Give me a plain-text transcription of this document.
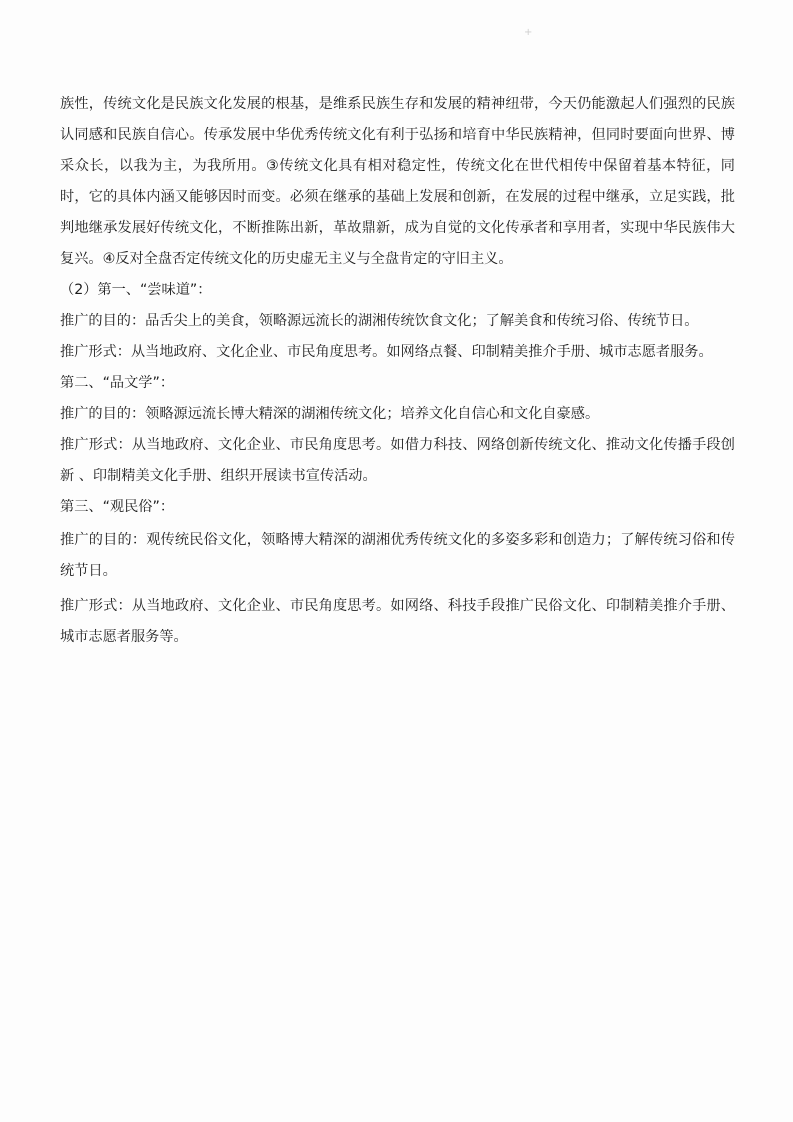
+

族性，传统文化是民族文化发展的根基，是维系民族生存和发展的精神纽带，今天仍能激起人们强烈的民族认同感和民族自信心。传承发展中华优秀传统文化有利于弘扬和培育中华民族精神，但同时要面向世界、博采众长，以我为主，为我所用。③传统文化具有相对稳定性，传统文化在世代相传中保留着基本特征，同时，它的具体内涵又能够因时而变。必须在继承的基础上发展和创新，在发展的过程中继承，立足实践，批判地继承发展好传统文化，不断推陈出新，革故鼎新，成为自觉的文化传承者和享用者，实现中华民族伟大复兴。④反对全盘否定传统文化的历史虚无主义与全盘肯定的守旧主义。

（2）第一、“尝味道”：

推广的目的：品舌尖上的美食，领略源远流长的湖湘传统饮食文化；了解美食和传统习俗、传统节日。

推广形式：从当地政府、文化企业、市民角度思考。如网络点餐、印制精美推介手册、城市志愿者服务。

第二、“品文学”：

推广的目的：领略源远流长博大精深的湖湘传统文化；培养文化自信心和文化自豪感。

推广形式：从当地政府、文化企业、市民角度思考。如借力科技、网络创新传统文化、推动文化传播手段创新 、印制精美文化手册、组织开展读书宣传活动。

第三、“观民俗”：

推广的目的：观传统民俗文化，领略博大精深的湖湘优秀传统文化的多姿多彩和创造力；了解传统习俗和传统节日。

推广形式：从当地政府、文化企业、市民角度思考。如网络、科技手段推广民俗文化、印制精美推介手册、城市志愿者服务等。
